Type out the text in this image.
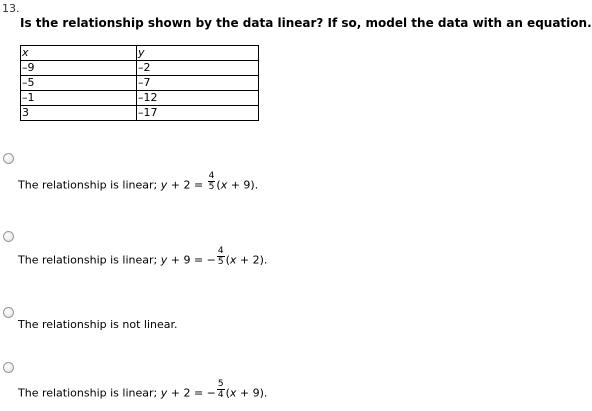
13.
Is the relationship shown by the data linear? If so, model the data with an equation.
x	y
–9	–2
–5	–7
–1	–12
3	–17
The relationship is linear; $y + 2 = \frac{4}{5} (x + 9)$.
The relationship is linear; y + 9 = − $\frac{4}{5} (x + 2)$.
The relationship is not linear.
The relationship is linear; y + 2 = − $\frac{5}{4} (x + 9)$.
